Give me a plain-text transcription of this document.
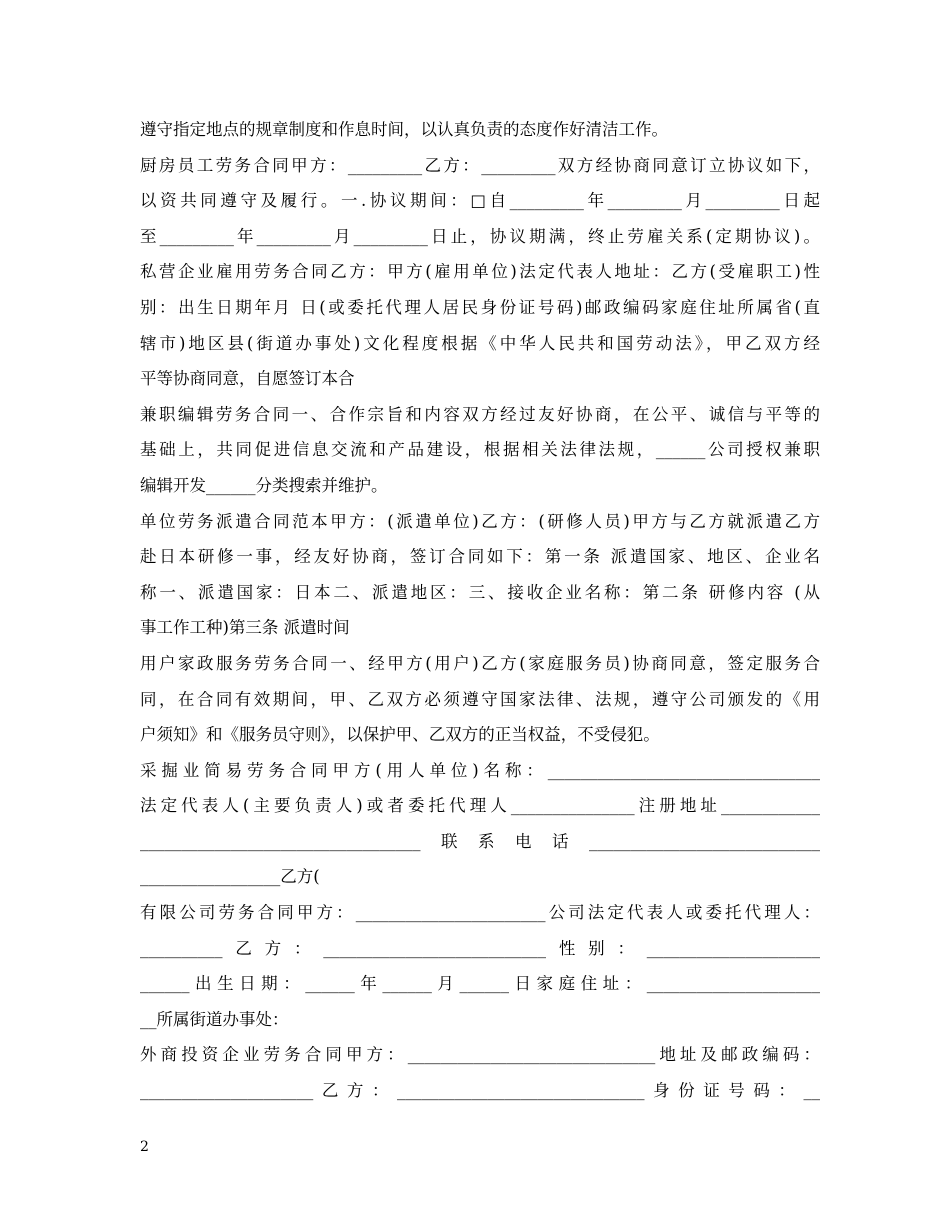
遵守指定地点的规章制度和作息时间，以认真负责的态度作好清洁工作。
厨房员工劳务合同甲方：_________乙方：_________双方经协商同意订立协议如下，
以资共同遵守及履行。一.协议期间：□自_________年_________月_________日起
至_________年_________月_________日止，协议期满，终止劳雇关系(定期协议)。
私营企业雇用劳务合同乙方：甲方(雇用单位)法定代表人地址：乙方(受雇职工)性
别：出生日期年月 日(或委托代理人居民身份证号码)邮政编码家庭住址所属省(直
辖市)地区县(街道办事处)文化程度根据《中华人民共和国劳动法》，甲乙双方经
平等协商同意，自愿签订本合
兼职编辑劳务合同一、合作宗旨和内容双方经过友好协商，在公平、诚信与平等的
基础上，共同促进信息交流和产品建设，根据相关法律法规，______公司授权兼职
编辑开发______分类搜索并维护。
单位劳务派遣合同范本甲方：(派遣单位)乙方：(研修人员)甲方与乙方就派遣乙方
赴日本研修一事，经友好协商，签订合同如下：第一条 派遣国家、地区、企业名
称一、派遣国家：日本二、派遣地区：三、接收企业名称：第二条 研修内容 (从
事工作工种)第三条 派遣时间
用户家政服务劳务合同一、经甲方(用户)乙方(家庭服务员)协商同意，签定服务合
同，在合同有效期间，甲、乙双方必须遵守国家法律、法规，遵守公司颁发的《用
户须知》和《服务员守则》，以保护甲、乙双方的正当权益，不受侵犯。
采掘业简易劳务合同甲方(用人单位)名称：_________________________________
法定代表人(主要负责人)或者委托代理人_______________注册地址____________
__________________________________联系电话____________________________
_________________乙方(
有限公司劳务合同甲方：_______________________公司法定代表人或委托代理人：
__________乙方：___________________________性别：_____________________
______出生日期：______年______月______日家庭住址：_____________________
__所属街道办事处：
外商投资企业劳务合同甲方：______________________________地址及邮政编码：
_____________________乙方：______________________________身份证号码：__
2
